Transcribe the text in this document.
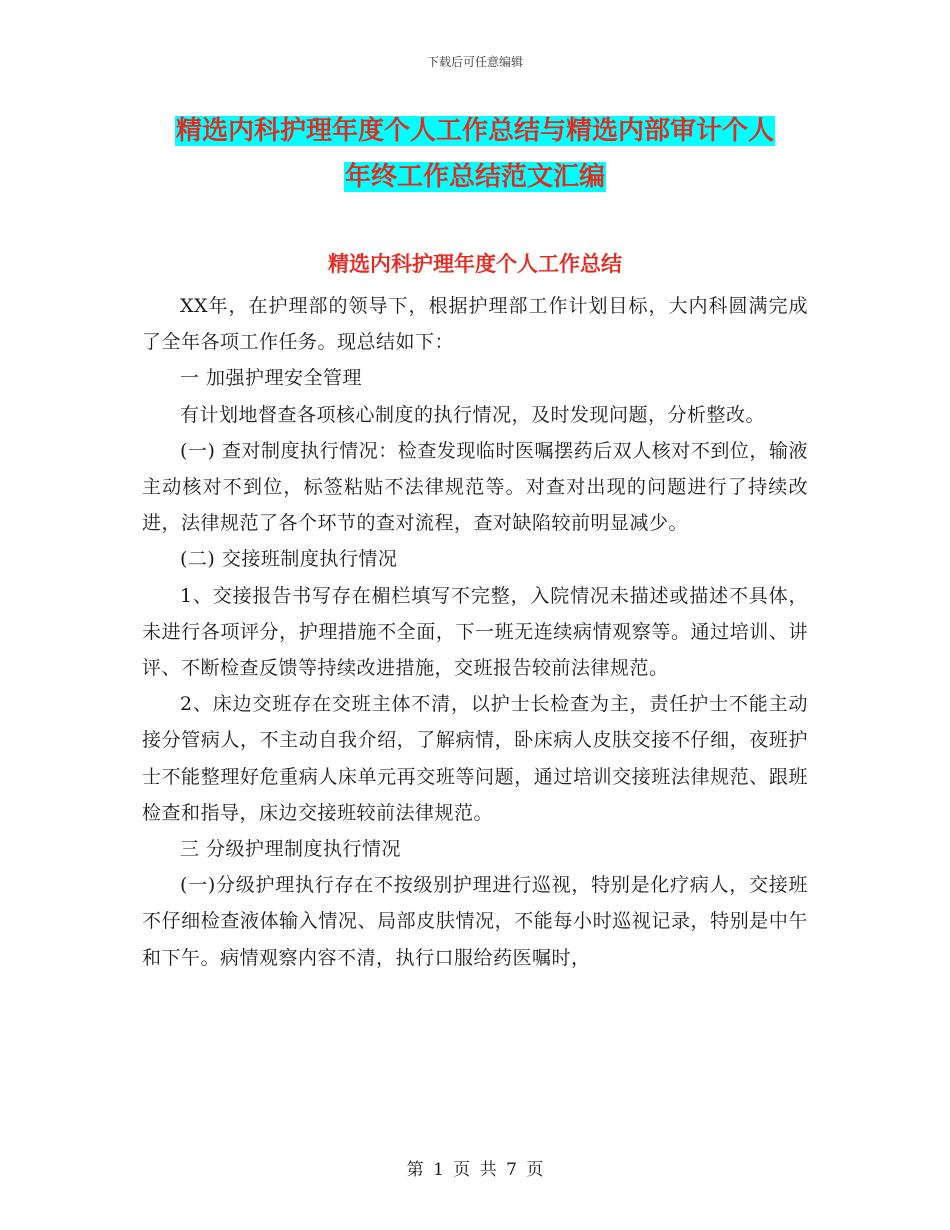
下载后可任意编辑
精选内科护理年度个人工作总结与精选内部审计个人
年终工作总结范文汇编
精选内科护理年度个人工作总结

XX年，在护理部的领导下，根据护理部工作计划目标，大内科圆满完成了全年各项工作任务。现总结如下：

一 加强护理安全管理

有计划地督查各项核心制度的执行情况，及时发现问题，分析整改。

(一) 查对制度执行情况：检查发现临时医嘱摆药后双人核对不到位，输液主动核对不到位，标签粘贴不法律规范等。对查对出现的问题进行了持续改进，法律规范了各个环节的查对流程，查对缺陷较前明显减少。

(二) 交接班制度执行情况

1、交接报告书写存在楣栏填写不完整，入院情况未描述或描述不具体，未进行各项评分，护理措施不全面，下一班无连续病情观察等。通过培训、讲评、不断检查反馈等持续改进措施，交班报告较前法律规范。

2、床边交班存在交班主体不清，以护士长检查为主，责任护士不能主动接分管病人，不主动自我介绍，了解病情，卧床病人皮肤交接不仔细，夜班护士不能整理好危重病人床单元再交班等问题，通过培训交接班法律规范、跟班检查和指导，床边交接班较前法律规范。

三 分级护理制度执行情况

(一)分级护理执行存在不按级别护理进行巡视，特别是化疗病人，交接班不仔细检查液体输入情况、局部皮肤情况，不能每小时巡视记录，特别是中午和下午。病情观察内容不清，执行口服给药医嘱时，

第 1 页 共 7 页
